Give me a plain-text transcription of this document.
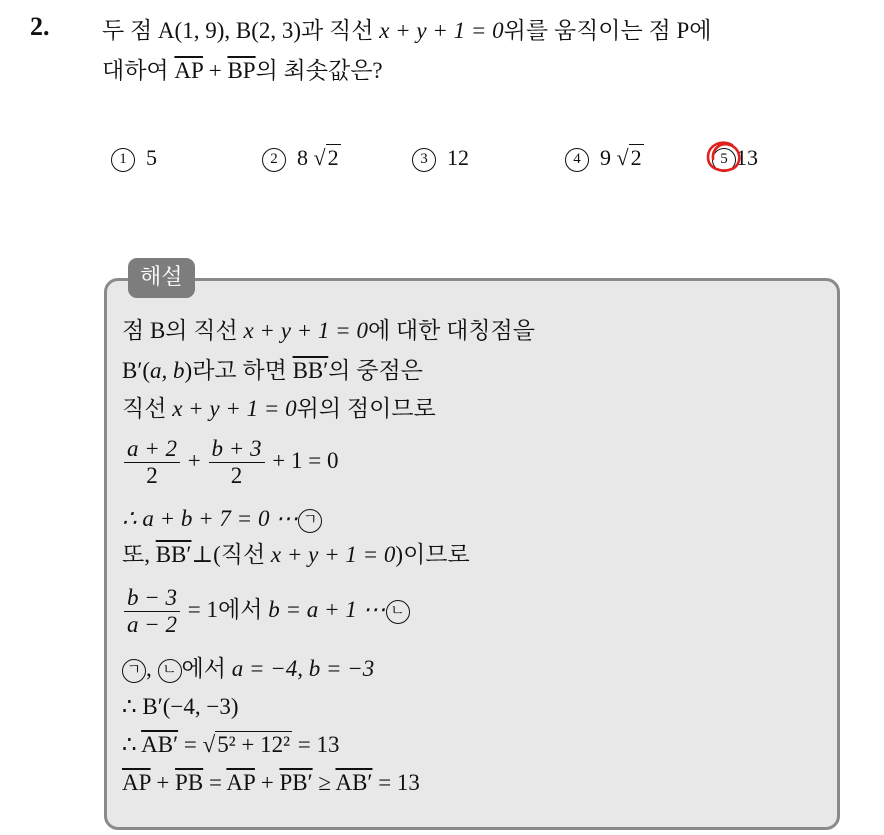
2. 두 점 A(1, 9), B(2, 3)과 직선 x + y + 1 = 0위를 움직이는 점 P에
대하여 $\overline{AP} + \overline{BP}$의 최솟값은?
1 5	2 8 √2	3 12	4 9 √2	5 13
해설
점 B의 직선 x + y + 1 = 0에 대한 대칭점을
B′(a, b)라고 하면 BB′의 중점은
직선 x + y + 1 = 0위의 점이므로
$\frac{a + 2}{2} + \frac{b + 3}{2} + 1 = 0$
∴ a + b + 7 = 0 ⋯ ㄱ
또, BB′⊥(직선 x + y + 1 = 0)이므로
$\frac{b - 3}{a - 2} = 1$에서 b = a + 1 ⋯ ㄴ
ㄱ , ㄴ 에서 a = −4, b = −3
∴ B′(−4, −3)
∴ AB′ = √5² + 12² = 13
$\overline{AP} + \overline{PB} = \overline{AP} + PB' \ge AB' = 13$
